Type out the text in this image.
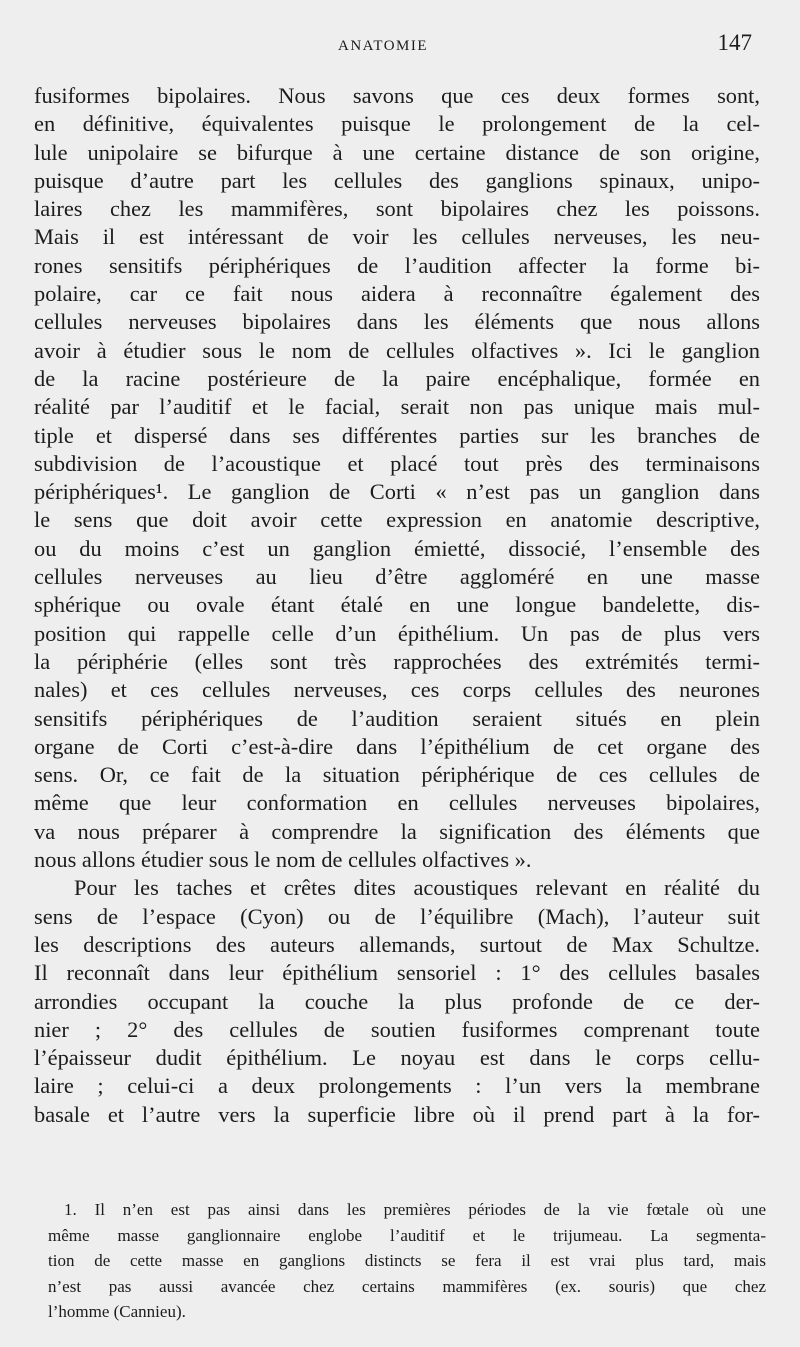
ANATOMIE	147
fusiformes bipolaires. Nous savons que ces deux formes sont,
en définitive, équivalentes puisque le prolongement de la cel-
lule unipolaire se bifurque à une certaine distance de son origine,
puisque d’autre part les cellules des ganglions spinaux, unipo-
laires chez les mammifères, sont bipolaires chez les poissons.
Mais il est intéressant de voir les cellules nerveuses, les neu-
rones sensitifs périphériques de l’audition affecter la forme bi-
polaire, car ce fait nous aidera à reconnaître également des
cellules nerveuses bipolaires dans les éléments que nous allons
avoir à étudier sous le nom de cellules olfactives ». Ici le ganglion
de la racine postérieure de la paire encéphalique, formée en
réalité par l’auditif et le facial, serait non pas unique mais mul-
tiple et dispersé dans ses différentes parties sur les branches de
subdivision de l’acoustique et placé tout près des terminaisons
périphériques¹. Le ganglion de Corti « n’est pas un ganglion dans
le sens que doit avoir cette expression en anatomie descriptive,
ou du moins c’est un ganglion émietté, dissocié, l’ensemble des
cellules nerveuses au lieu d’être aggloméré en une masse
sphérique ou ovale étant étalé en une longue bandelette, dis-
position qui rappelle celle d’un épithélium. Un pas de plus vers
la périphérie (elles sont très rapprochées des extrémités termi-
nales) et ces cellules nerveuses, ces corps cellules des neurones
sensitifs périphériques de l’audition seraient situés en plein
organe de Corti c’est-à-dire dans l’épithélium de cet organe des
sens. Or, ce fait de la situation périphérique de ces cellules de
même que leur conformation en cellules nerveuses bipolaires,
va nous préparer à comprendre la signification des éléments que
nous allons étudier sous le nom de cellules olfactives ».
Pour les taches et crêtes dites acoustiques relevant en réalité du
sens de l’espace (Cyon) ou de l’équilibre (Mach), l’auteur suit
les descriptions des auteurs allemands, surtout de Max Schultze.
Il reconnaît dans leur épithélium sensoriel : 1° des cellules basales
arrondies occupant la couche la plus profonde de ce der-
nier ; 2° des cellules de soutien fusiformes comprenant toute
l’épaisseur dudit épithélium. Le noyau est dans le corps cellu-
laire ; celui-ci a deux prolongements : l’un vers la membrane
basale et l’autre vers la superficie libre où il prend part à la for-
1. Il n’en est pas ainsi dans les premières périodes de la vie fœtale où une
même masse ganglionnaire englobe l’auditif et le trijumeau. La segmenta-
tion de cette masse en ganglions distincts se fera il est vrai plus tard, mais
n’est pas aussi avancée chez certains mammifères (ex. souris) que chez
l’homme (Cannieu).
